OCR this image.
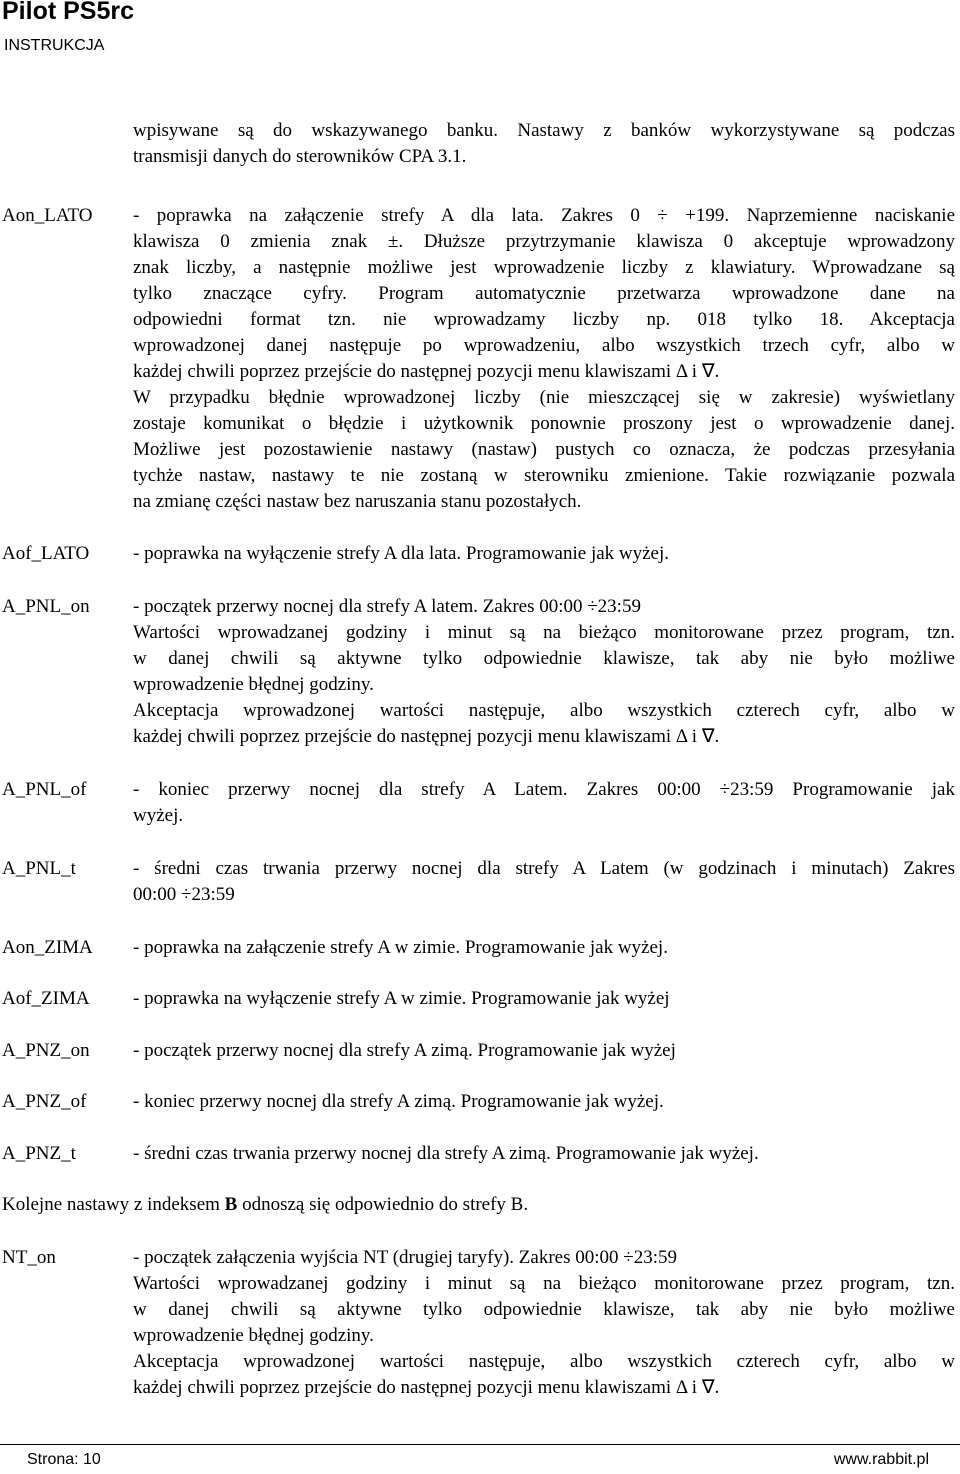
Pilot PS5rc
INSTRUKCJA
wpisywane są do wskazywanego banku. Nastawy z banków wykorzystywane są podczas
transmisji danych do sterowników CPA 3.1.
Aon_LATO - poprawka na załączenie strefy A dla lata. Zakres 0 ÷ +199. Naprzemienne naciskanie
klawisza 0 zmienia znak ±. Dłuższe przytrzymanie klawisza 0 akceptuje wprowadzony
znak liczby, a następnie możliwe jest wprowadzenie liczby z klawiatury. Wprowadzane są
tylko znaczące cyfry. Program automatycznie przetwarza wprowadzone dane na
odpowiedni format tzn. nie wprowadzamy liczby np. 018 tylko 18. Akceptacja
wprowadzonej danej następuje po wprowadzeniu, albo wszystkich trzech cyfr, albo w
każdej chwili poprzez przejście do następnej pozycji menu klawiszami Δ i ∇.
W przypadku błędnie wprowadzonej liczby (nie mieszczącej się w zakresie) wyświetlany
zostaje komunikat o błędzie i użytkownik ponownie proszony jest o wprowadzenie danej.
Możliwe jest pozostawienie nastawy (nastaw) pustych co oznacza, że podczas przesyłania
tychże nastaw, nastawy te nie zostaną w sterowniku zmienione. Takie rozwiązanie pozwala
na zmianę części nastaw bez naruszania stanu pozostałych.
Aof_LATO - poprawka na wyłączenie strefy A dla lata. Programowanie jak wyżej.
A_PNL_on - początek przerwy nocnej dla strefy A latem. Zakres 00:00 ÷23:59
Wartości wprowadzanej godziny i minut są na bieżąco monitorowane przez program, tzn.
w danej chwili są aktywne tylko odpowiednie klawisze, tak aby nie było możliwe
wprowadzenie błędnej godziny.
Akceptacja wprowadzonej wartości następuje, albo wszystkich czterech cyfr, albo w
każdej chwili poprzez przejście do następnej pozycji menu klawiszami Δ i ∇.
A_PNL_of - koniec przerwy nocnej dla strefy A Latem. Zakres 00:00 ÷23:59 Programowanie jak
wyżej.
A_PNL_t	- średni czas trwania przerwy nocnej dla strefy A Latem (w godzinach i minutach) Zakres
00:00 ÷23:59
Aon_ZIMA - poprawka na załączenie strefy A w zimie. Programowanie jak wyżej.
Aof_ZIMA - poprawka na wyłączenie strefy A w zimie. Programowanie jak wyżej
A_PNZ_on - początek przerwy nocnej dla strefy A zimą. Programowanie jak wyżej
A_PNZ_of - koniec przerwy nocnej dla strefy A zimą. Programowanie jak wyżej.
A_PNZ_t	- średni czas trwania przerwy nocnej dla strefy A zimą. Programowanie jak wyżej.
Kolejne nastawy z indeksem B odnoszą się odpowiednio do strefy B.
NT_on	- początek załączenia wyjścia NT (drugiej taryfy). Zakres 00:00 ÷23:59
Wartości wprowadzanej godziny i minut są na bieżąco monitorowane przez program, tzn.
w danej chwili są aktywne tylko odpowiednie klawisze, tak aby nie było możliwe
wprowadzenie błędnej godziny.
Akceptacja wprowadzonej wartości następuje, albo wszystkich czterech cyfr, albo w
każdej chwili poprzez przejście do następnej pozycji menu klawiszami Δ i ∇.
Strona: 10	www.rabbit.pl
